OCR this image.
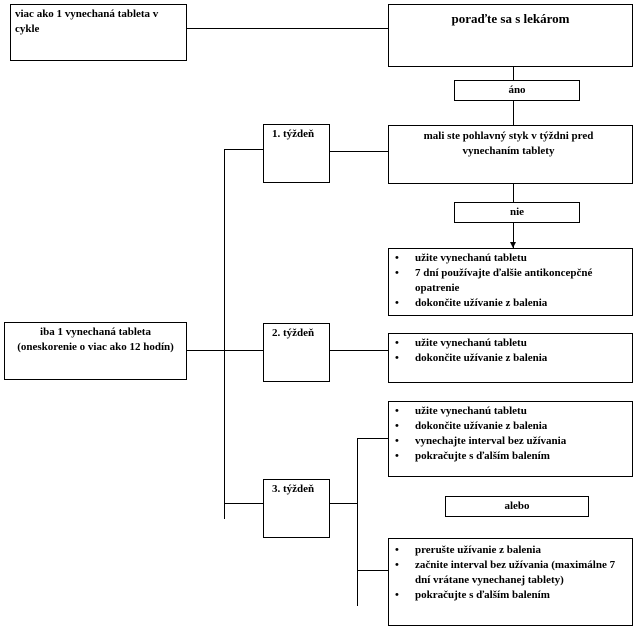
viac ako 1 vynechaná tableta v cykle
poraďte sa s lekárom
áno
mali ste pohlavný styk v týždni pred vynechaním tablety
nie
• užite vynechanú tabletu
• 7 dní používajte ďalšie antikoncepčné opatrenie
• dokončite užívanie z balenia
1. týždeň
2. týždeň
3. týždeň
iba 1 vynechaná tableta (oneskorenie o viac ako 12 hodín)
•	užite vynechanú tabletu
• dokončite užívanie z balenia
• užite vynechanú tabletu
• dokončite užívanie z balenia
• vynechajte interval bez užívania
• pokračujte s ďalším balením
alebo
• prerušte užívanie z balenia
• začnite interval bez užívania (maximálne 7 dní vrátane vynechanej tablety)
• pokračujte s ďalším balením
